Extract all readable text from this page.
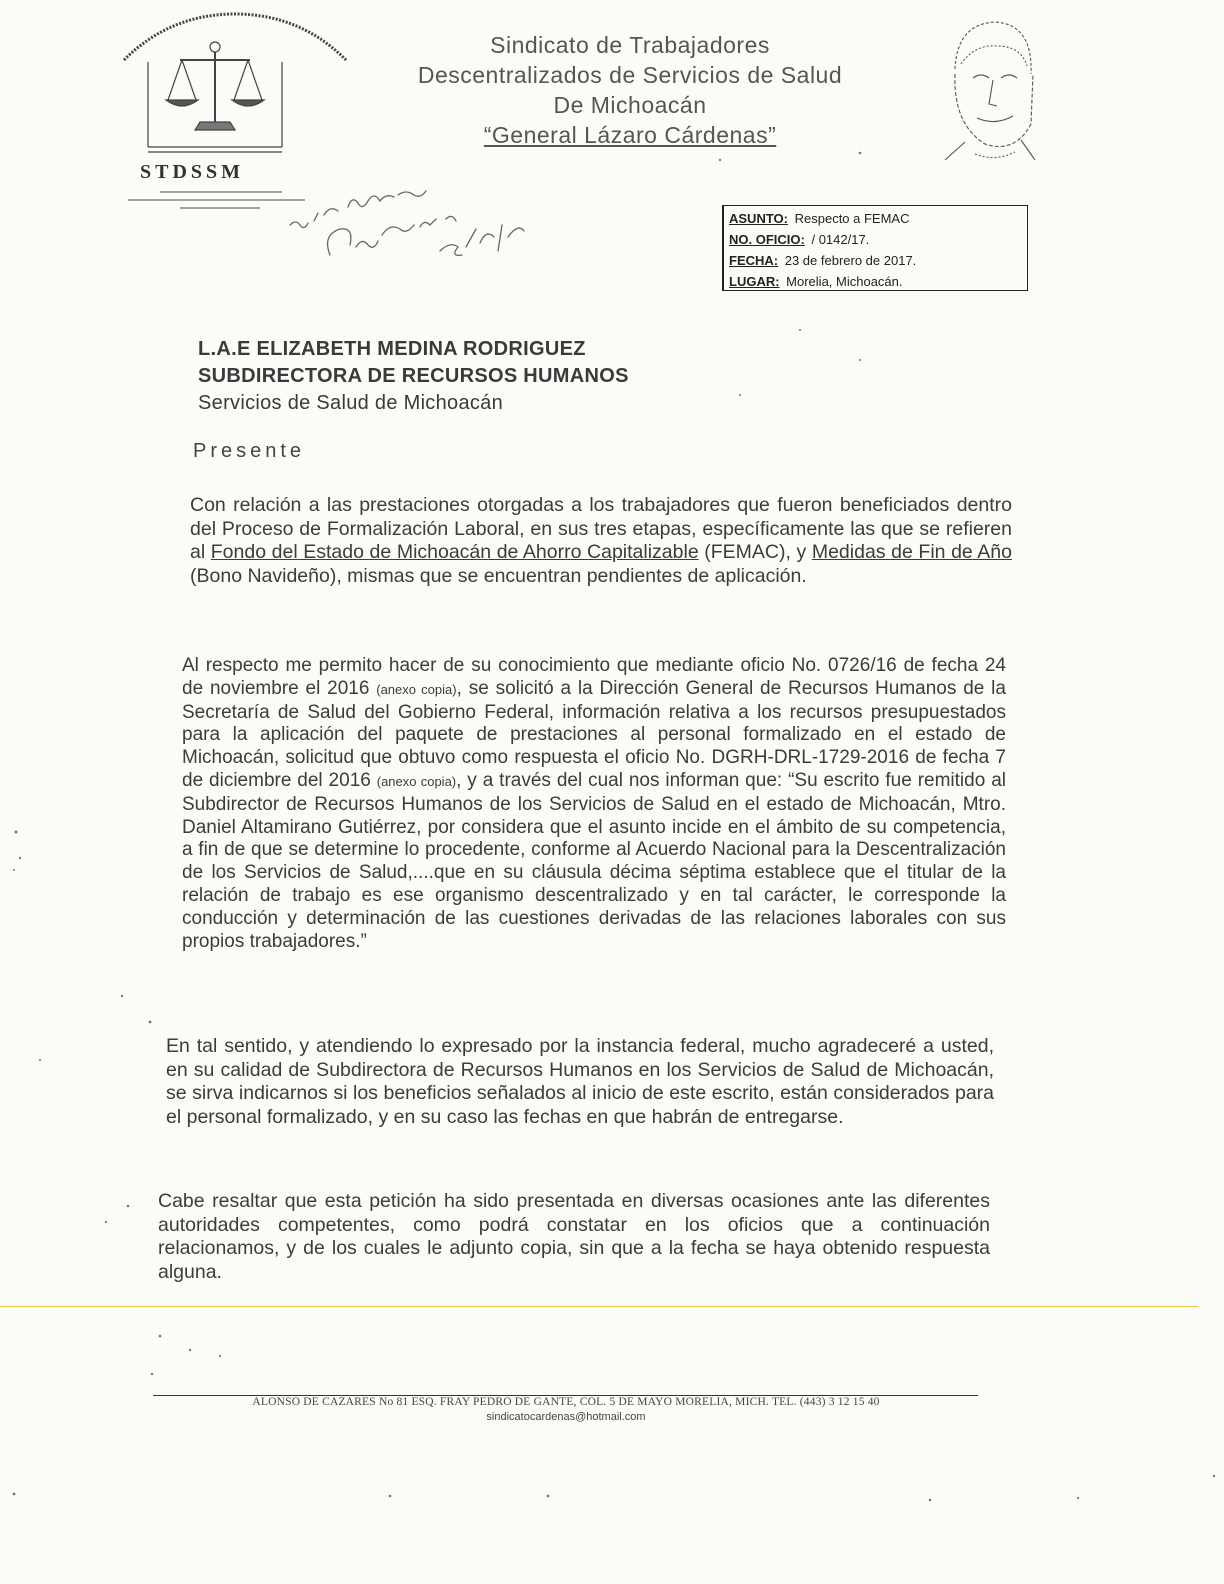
STDSSM
Sindicato de Trabajadores
Descentralizados de Servicios de Salud
De Michoacán
“General Lázaro Cárdenas”
ASUNTO: Respecto a FEMAC
NO. OFICIO: / 0142/17.
FECHA: 23 de febrero de 2017.
LUGAR: Morelia, Michoacán.
L.A.E ELIZABETH MEDINA RODRIGUEZ
SUBDIRECTORA DE RECURSOS HUMANOS
Servicios de Salud de Michoacán
Presente
Con relación a las prestaciones otorgadas a los trabajadores que fueron beneficiados dentro del Proceso de Formalización Laboral, en sus tres etapas, específicamente las que se refieren al Fondo del Estado de Michoacán de Ahorro Capitalizable (FEMAC), y Medidas de Fin de Año (Bono Navideño), mismas que se encuentran pendientes de aplicación.
Al respecto me permito hacer de su conocimiento que mediante oficio No. 0726/16 de fecha 24 de noviembre el 2016 (anexo copia), se solicitó a la Dirección General de Recursos Humanos de la Secretaría de Salud del Gobierno Federal, información relativa a los recursos presupuestados para la aplicación del paquete de prestaciones al personal formalizado en el estado de Michoacán, solicitud que obtuvo como respuesta el oficio No. DGRH-DRL-1729-2016 de fecha 7 de diciembre del 2016 (anexo copia), y a través del cual nos informan que: “Su escrito fue remitido al Subdirector de Recursos Humanos de los Servicios de Salud en el estado de Michoacán, Mtro. Daniel Altamirano Gutiérrez, por considera que el asunto incide en el ámbito de su competencia, a fin de que se determine lo procedente, conforme al Acuerdo Nacional para la Descentralización de los Servicios de Salud,....que en su cláusula décima séptima establece que el titular de la relación de trabajo es ese organismo descentralizado y en tal carácter, le corresponde la conducción y determinación de las cuestiones derivadas de las relaciones laborales con sus propios trabajadores.”
En tal sentido, y atendiendo lo expresado por la instancia federal, mucho agradeceré a usted, en su calidad de Subdirectora de Recursos Humanos en los Servicios de Salud de Michoacán, se sirva indicarnos si los beneficios señalados al inicio de este escrito, están considerados para el personal formalizado, y en su caso las fechas en que habrán de entregarse.
Cabe resaltar que esta petición ha sido presentada en diversas ocasiones ante las diferentes autoridades competentes, como podrá constatar en los oficios que a continuación relacionamos, y de los cuales le adjunto copia, sin que a la fecha se haya obtenido respuesta alguna.
ALONSO DE CAZARES No 81 ESQ. FRAY PEDRO DE GANTE, COL. 5 DE MAYO MORELIA, MICH. TEL. (443) 3 12 15 40
sindicatocardenas@hotmail.com
